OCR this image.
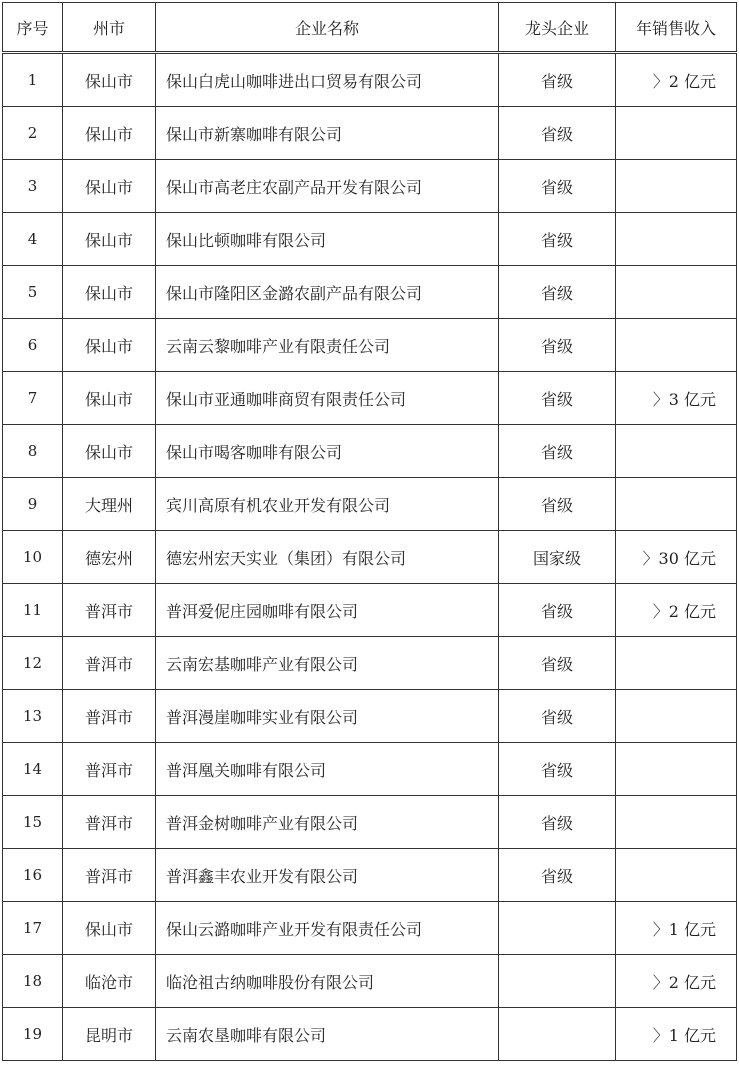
序号	州市	企业名称	龙头企业	年销售收入
1	保山市	保山白虎山咖啡进出口贸易有限公司	省级	〉2 亿元
2	保山市	保山市新寨咖啡有限公司	省级	
3	保山市	保山市高老庄农副产品开发有限公司	省级	
4	保山市	保山比顿咖啡有限公司	省级	
5	保山市	保山市隆阳区金潞农副产品有限公司	省级	
6	保山市	云南云黎咖啡产业有限责任公司	省级	
7	保山市	保山市亚通咖啡商贸有限责任公司	省级	〉3 亿元
8	保山市	保山市喝客咖啡有限公司	省级	
9	大理州	宾川高原有机农业开发有限公司	省级	
10	德宏州	德宏州宏天实业（集团）有限公司	国家级	〉30 亿元
11	普洱市	普洱爱伲庄园咖啡有限公司	省级	〉2 亿元
12	普洱市	云南宏基咖啡产业有限公司	省级	
13	普洱市	普洱漫崖咖啡实业有限公司	省级	
14	普洱市	普洱凰关咖啡有限公司	省级	
15	普洱市	普洱金树咖啡产业有限公司	省级	
16	普洱市	普洱鑫丰农业开发有限公司	省级	
17	保山市	保山云潞咖啡产业开发有限责任公司		〉1 亿元
18	临沧市	临沧祖古纳咖啡股份有限公司		〉2 亿元
19	昆明市	云南农垦咖啡有限公司		〉1 亿元
